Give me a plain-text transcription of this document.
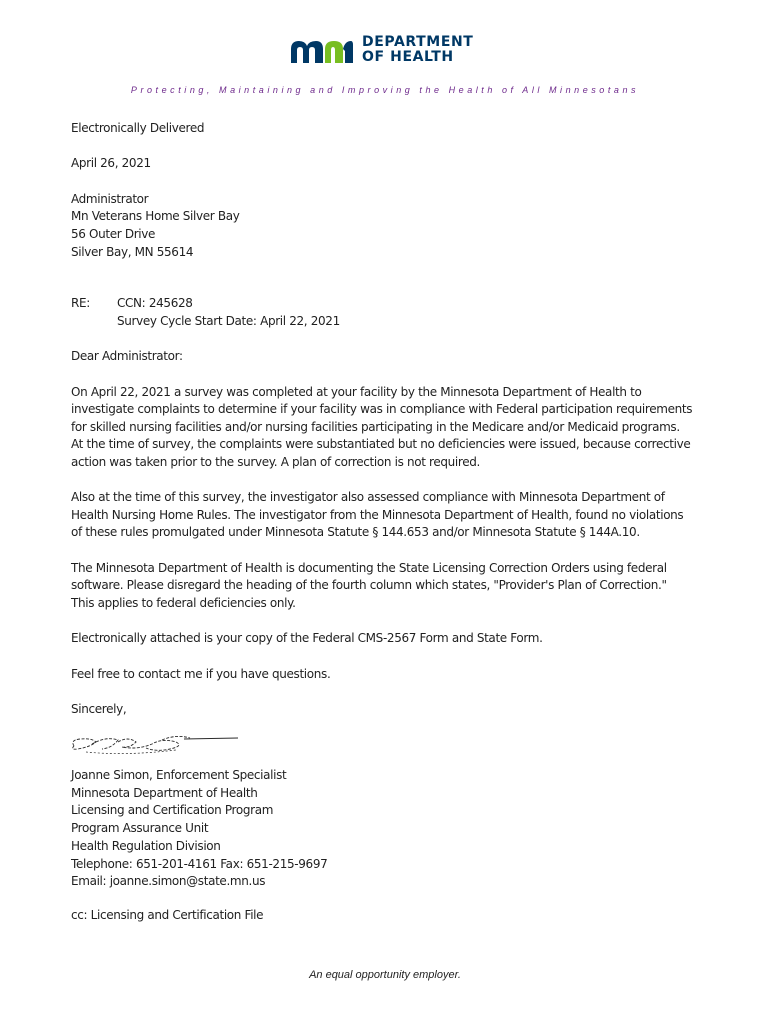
DEPARTMENT
OF HEALTH
Protecting, Maintaining and Improving the Health of All Minnesotans

Electronically Delivered

April 26, 2021

Administrator
Mn Veterans Home Silver Bay
56 Outer Drive
Silver Bay, MN 55614

RE:	CCN: 245628
Survey Cycle Start Date: April 22, 2021

Dear Administrator:

On April 22, 2021 a survey was completed at your facility by the Minnesota Department of Health to
investigate complaints to determine if your facility was in compliance with Federal participation requirements
for skilled nursing facilities and/or nursing facilities participating in the Medicare and/or Medicaid programs.
At the time of survey, the complaints were substantiated but no deficiencies were issued, because corrective
action was taken prior to the survey. A plan of correction is not required.

Also at the time of this survey, the investigator also assessed compliance with Minnesota Department of
Health Nursing Home Rules. The investigator from the Minnesota Department of Health, found no violations
of these rules promulgated under Minnesota Statute § 144.653 and/or Minnesota Statute § 144A.10.

The Minnesota Department of Health is documenting the State Licensing Correction Orders using federal
software. Please disregard the heading of the fourth column which states, "Provider's Plan of Correction."
This applies to federal deficiencies only.

Electronically attached is your copy of the Federal CMS-2567 Form and State Form.

Feel free to contact me if you have questions.

Sincerely,

Joanne Simon, Enforcement Specialist
Minnesota Department of Health
Licensing and Certification Program
Program Assurance Unit
Health Regulation Division
Telephone: 651-201-4161 Fax: 651-215-9697
Email: joanne.simon@state.mn.us
cc: Licensing and Certification File
An equal opportunity employer.
